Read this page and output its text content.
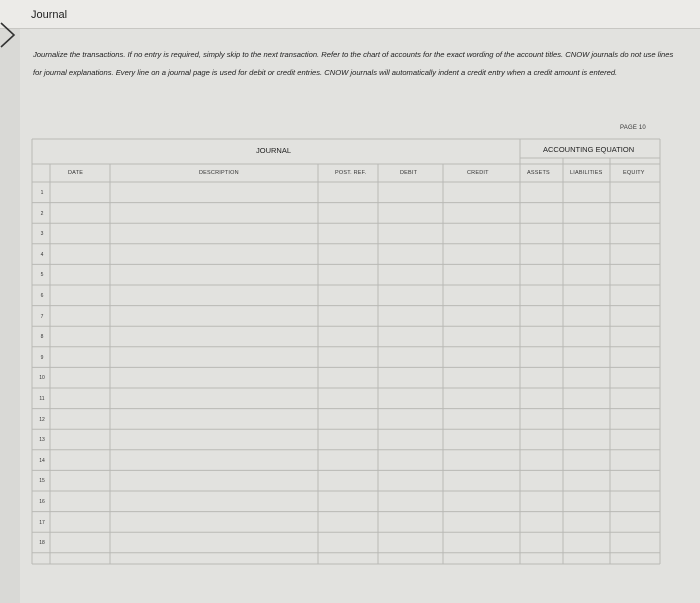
Journal
Journalize the transactions. If no entry is required, simply skip to the next transaction. Refer to the chart of accounts for the exact wording of the account titles. CNOW journals do not use lines for journal explanations. Every line on a journal page is used for debit or credit entries. CNOW journals will automatically indent a credit entry when a credit amount is entered.
PAGE 10
JOURNAL	ACCOUNTING EQUATION
DATE	DESCRIPTION	POST. REF.	DEBIT	CREDIT	ASSETS	LIABILITIES	EQUITY
1
2
3
4
5
6
7
8
9
10
11
12
13
14
15
16
17
18
